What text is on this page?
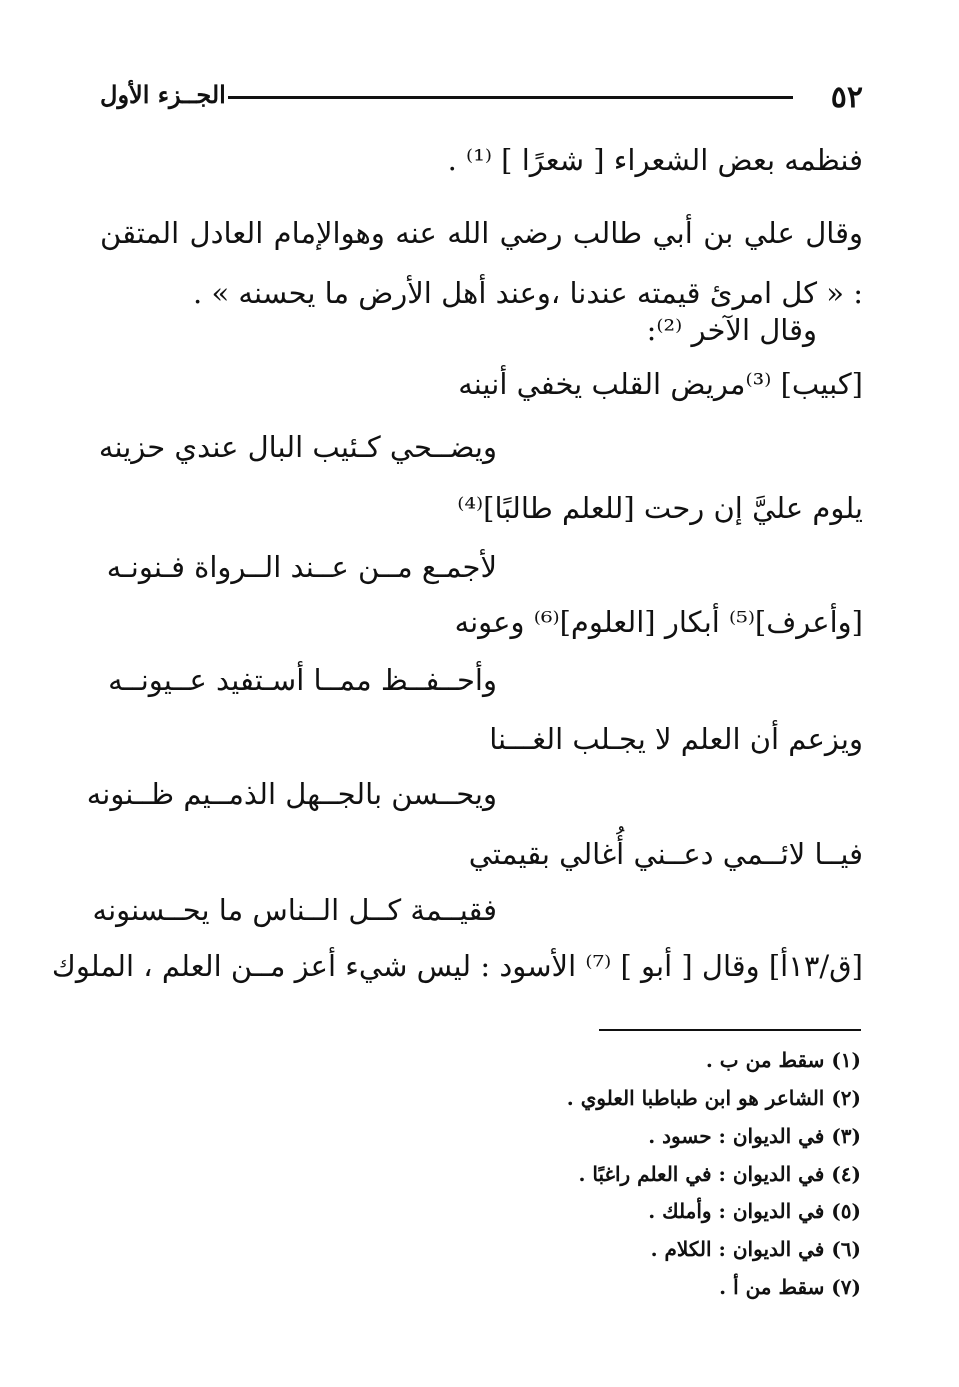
٥٢
الجــزء الأول
فنظمه بعض الشعراء [ شعرًا ] ⁽¹⁾ .
وقال علي بن أبي طالب رضي الله عنه وهوالإمام العادل المتقن : « كل امرئ قيمته عندنا ،وعند أهل الأرض ما يحسنه » .
وقال الآخر ⁽²⁾:
[كبيب] ⁽³⁾مريض القلب يخفي أنينه
ويضــحي كـئيب البال عندي حزينه
يلوم عليَّ إن رحت [للعلم طالبًا]⁽⁴⁾
لأجمـع مــن عــند الــرواة فـنونـه
[وأعرف]⁽⁵⁾ أبكار [العلوم]⁽⁶⁾ وعونه
وأحــفــظ ممــا أسـتفيد عــيونــه
ويزعم أن العلم لا يجـلب الغـــنا
ويحــسن بالجــهل الذمــيم ظــنونه
فيــا لائــمي دعــني أُغالي بقيمتي
فقيــمة كــل الــناس ما يحــسنونه
[ق/١٣أ] وقال [ أبو ] ⁽⁷⁾ الأسود : ليس شيء أعز مــن العلم ، الملوك
(١) سقط من ب .
(٢) الشاعر هو ابن طباطبا العلوي .
(٣) في الديوان : حسود .
(٤) في الديوان : في العلم راغبًا .
(٥) في الديوان : وأملك .
(٦) في الديوان : الكلام .
(٧) سقط من أ .
